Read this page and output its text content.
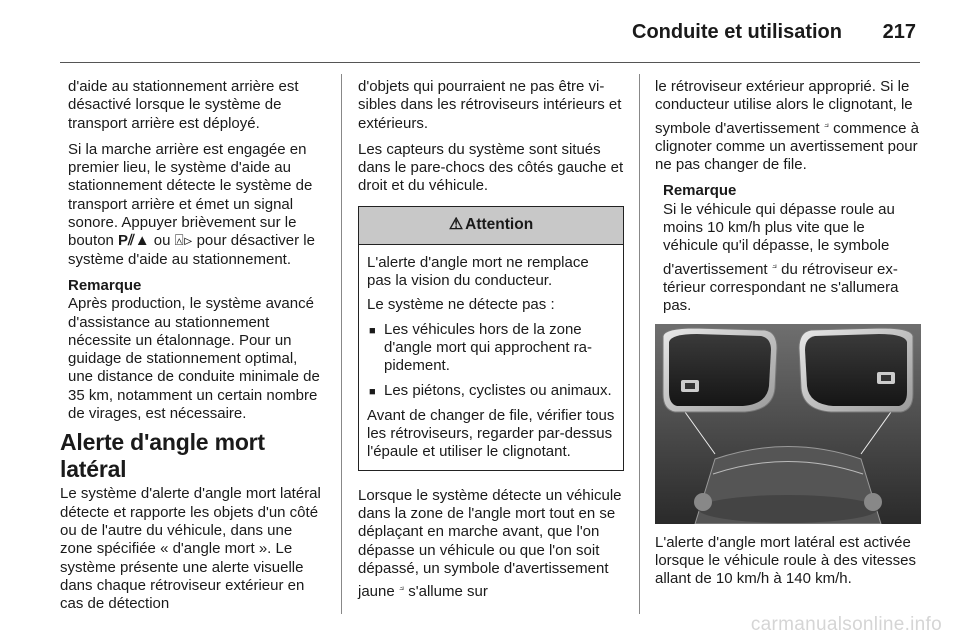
Conduite et utilisation 217

d'aide au stationnement arrière est désactivé lorsque le système de transport arrière est déployé.

Si la marche arrière est engagée en premier lieu, le système d'aide au stationnement détecte le système de transport arrière et émet un signal sonore. Appuyer brièvement sur le bouton P⫽▲ ou ⍓⊳ pour désactiver le système d'aide au stationnement.

Remarque
Après production, le système avancé d'assistance au stationnement nécessite un étalonnage. Pour un guidage de stationnement optimal, une distance de conduite minimale de 35 km, notamment un certain nombre de virages, est nécessaire.
Alerte d'angle mort latéral

Le système d'alerte d'angle mort latéral détecte et rapporte les objets d'un côté ou de l'autre du véhicule, dans une zone spécifiée « d'angle mort ». Le système présente une alerte visuelle dans chaque rétroviseur extérieur en cas de détection

d'objets qui pourraient ne pas être visibles dans les rétroviseurs intérieurs et extérieurs.

Les capteurs du système sont situés dans le pare-chocs des côtés gauche et droit et du véhicule.

⚠ Attention

L'alerte d'angle mort ne remplace pas la vision du conducteur.

Le système ne détecte pas :

■ Les véhicules hors de la zone d'angle mort qui approchent rapidement.
■ Les piétons, cyclistes ou animaux.

Avant de changer de file, vérifier tous les rétroviseurs, regarder par-dessus l'épaule et utiliser le clignotant.

Lorsque le système détecte un véhicule dans la zone de l'angle mort tout en se déplaçant en marche avant, que l'on dépasse un véhicule ou que l'on soit dépassé, un symbole d'avertissement jaune ⟓ s'allume sur

le rétroviseur extérieur approprié. Si le conducteur utilise alors le clignotant, le symbole d'avertissement ⟓ commence à clignoter comme un avertissement pour ne pas changer de file.

Remarque
Si le véhicule qui dépasse roule au moins 10 km/h plus vite que le véhicule qu'il dépasse, le symbole d'avertissement ⟓ du rétroviseur extérieur correspondant ne s'allumera pas.

L'alerte d'angle mort latéral est activée lorsque le véhicule roule à des vitesses allant de 10 km/h à 140 km/h.

carmanualsonline.info
